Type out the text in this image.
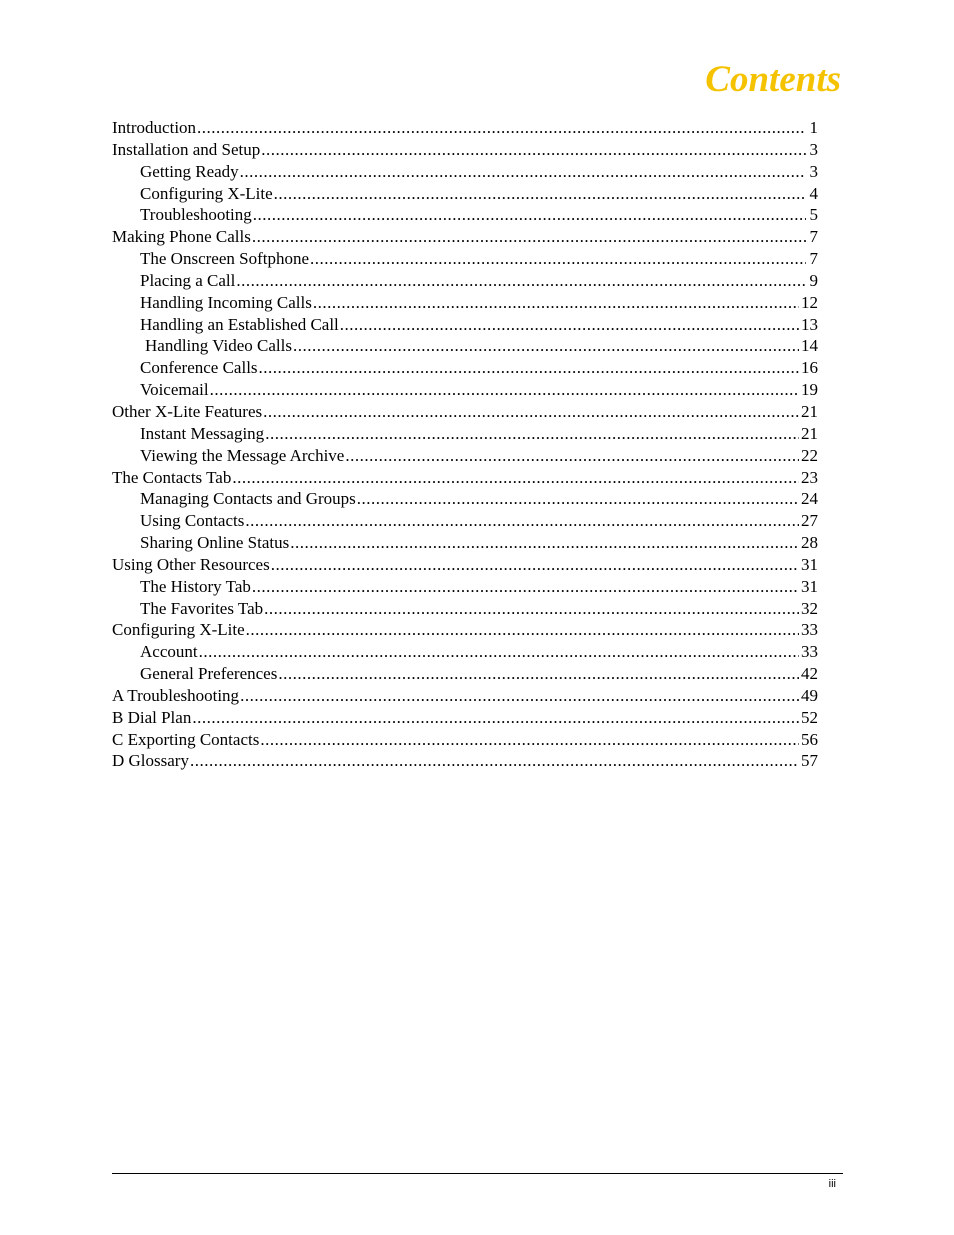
Contents
Introduction .....	1
Installation and Setup .....	3
Getting Ready .....	3
Configuring X-Lite .....	4
Troubleshooting .....	5
Making Phone Calls .....	7
The Onscreen Softphone .....	7
Placing a Call .....	9
Handling Incoming Calls .....	12
Handling an Established Call .....	13
Handling Video Calls .....	14
Conference Calls .....	16
Voicemail .....	19
Other X-Lite Features .....	21
Instant Messaging .....	21
Viewing the Message Archive .....	22
The Contacts Tab .....	23
Managing Contacts and Groups .....	24
Using Contacts .....	27
Sharing Online Status .....	28
Using Other Resources .....	31
The History Tab .....	31
The Favorites Tab .....	32
Configuring X-Lite .....	33
Account .....	33
General Preferences .....	42
A Troubleshooting .....	49
B Dial Plan .....	52
C Exporting Contacts .....	56
D Glossary .....	57
iii
